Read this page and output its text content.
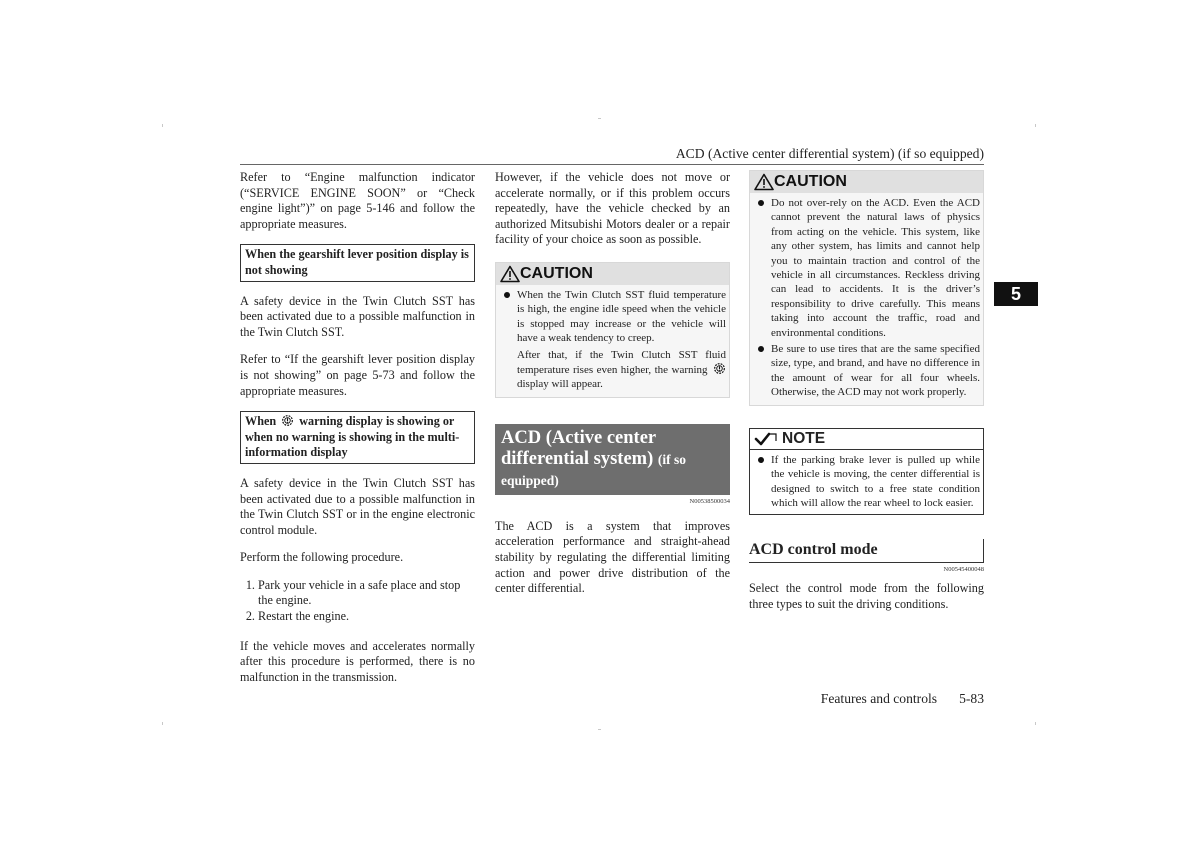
ACD (Active center differential system) (if so equipped)

Refer to “Engine malfunction indicator (“SERVICE ENGINE SOON” or “Check engine light”)” on page 5-146 and follow the appropriate measures.

When the gearshift lever position display is not showing

A safety device in the Twin Clutch SST has been activated due to a possible malfunction in the Twin Clutch SST.

Refer to “If the gearshift lever position display is not showing” on page 5-73 and follow the appropriate measures.

When warning display is showing or when no warning is showing in the multi-information display

A safety device in the Twin Clutch SST has been activated due to a possible malfunction in the Twin Clutch SST or in the engine electronic control module.

Perform the following procedure.

1. Park your vehicle in a safe place and stop the engine.
2. Restart the engine.

If the vehicle moves and accelerates normally after this procedure is performed, there is no malfunction in the transmission.

However, if the vehicle does not move or accelerate normally, or if this problem occurs repeatedly, have the vehicle checked by an authorized Mitsubishi Motors dealer or a repair facility of your choice as soon as possible.

CAUTION
When the Twin Clutch SST fluid temperature is high, the engine idle speed when the vehicle is stopped may increase or the vehicle will have a weak tendency to creep.
After that, if the Twin Clutch SST fluid temperature rises even higher, the warning  display will appear.
ACD (Active center differential system) (if so equipped)
N00538500034

The ACD is a system that improves acceleration performance and straight-ahead stability by regulating the differential limiting action and power drive distribution of the center differential.

CAUTION
Do not over-rely on the ACD. Even the ACD cannot prevent the natural laws of physics from acting on the vehicle. This system, like any other system, has limits and cannot help you to maintain traction and control of the vehicle in all circumstances. Reckless driving can lead to accidents. It is the driver’s responsibility to drive carefully. This means taking into account the traffic, road and environmental conditions.
Be sure to use tires that are the same specified size, type, and brand, and have no difference in the amount of wear for all four wheels. Otherwise, the ACD may not work properly.
NOTE
If the parking brake lever is pulled up while the vehicle is moving, the center differential is designed to switch to a free state condition which will allow the rear wheel to lock easier.
ACD control mode
N00545400048

Select the control mode from the following three types to suit the driving conditions.

5
Features and controls 5-83
